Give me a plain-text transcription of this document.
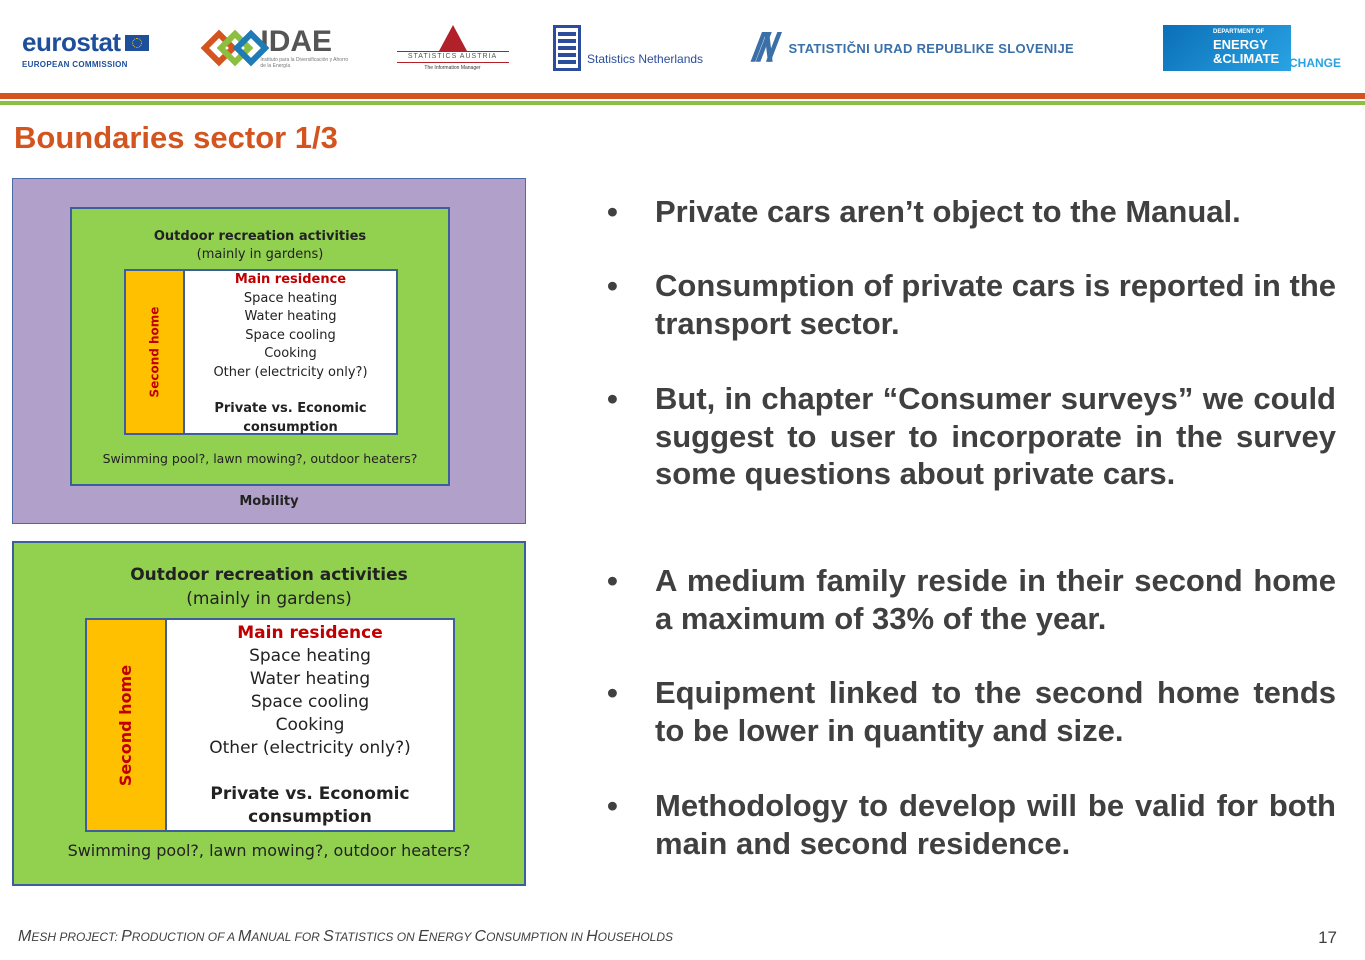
eurostat
EUROPEAN COMMISSION
IDAE
Instituto para la Diversificación y Ahorro de la Energía
STATISTICS AUSTRIA
The Information Manager
Statistics Netherlands //\/ STATISTIČNI URAD REPUBLIKE SLOVENIJE
DEPARTMENT OF
ENERGY
&CLIMATE CHANGE
Boundaries sector 1/3
Outdoor recreation activities
(mainly in gardens)
Second home
Main residence
Space heating
Water heating
Space cooling
Cooking
Other (electricity only?)
Private vs. Economic
consumption
Swimming pool?, lawn mowing?, outdoor heaters?
Mobility
Outdoor recreation activities
(mainly in gardens)
Second home
Main residence
Space heating
Water heating
Space cooling
Cooking
Other (electricity only?)
Private vs. Economic
consumption
Swimming pool?, lawn mowing?, outdoor heaters?
•	Private cars aren’t object to the Manual.
•	Consumption of private cars is reported in the transport sector.
•	But, in chapter “Consumer surveys” we could suggest to user to incorporate in the survey some questions about private cars.
•	A medium family reside in their second home a maximum of 33% of the year.
•	Equipment linked to the second home tends to be lower in quantity and size.
•	Methodology to develop will be valid for both main and second residence.
MESH PROJECT: PRODUCTION OF A MANUAL FOR STATISTICS ON ENERGY CONSUMPTION IN HOUSEHOLDS	17
